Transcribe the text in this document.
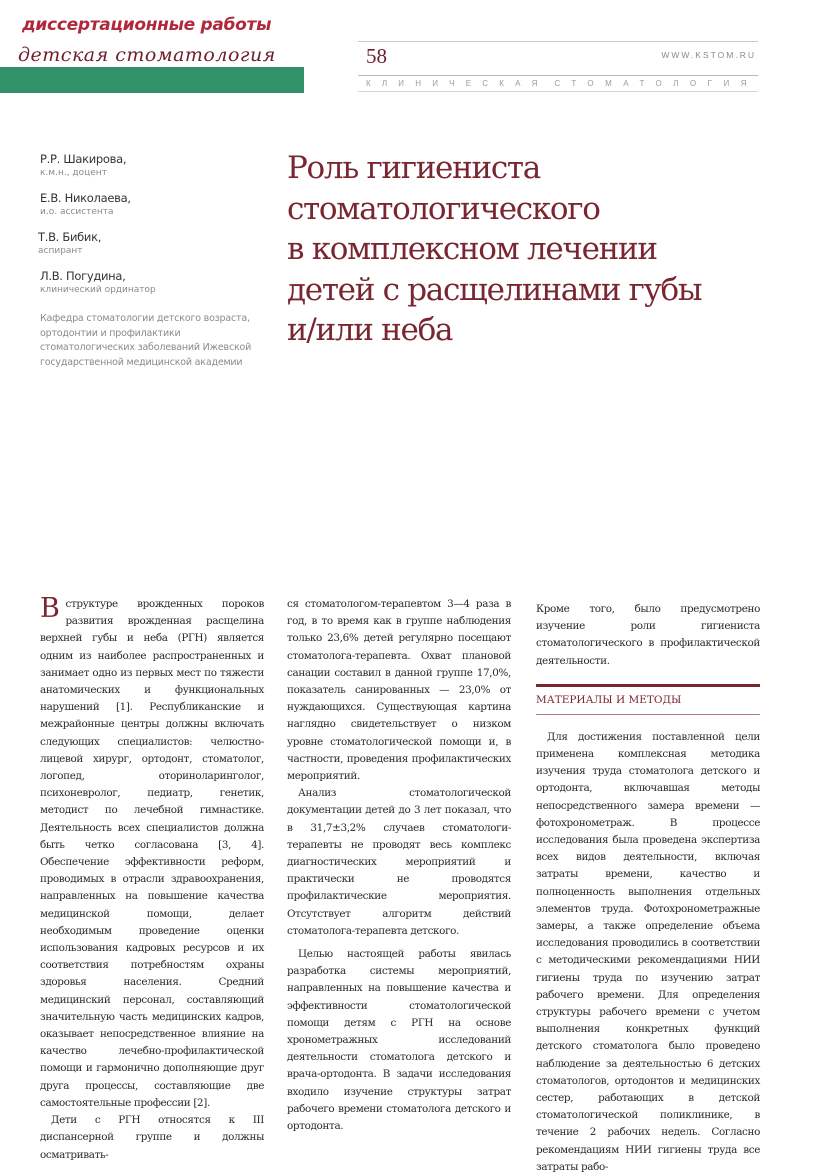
диссертационные работы
детская стоматология	58	WWW.KSTOM.RU
КЛИНИЧЕСКАЯ СТОМАТОЛОГИЯ
Р.Р. Шакирова,
к.м.н., доцент
Е.В. Николаева,
и.о. ассистента
Т.В. Бибик,
аспирант
Л.В. Погудина,
клинический ординатор
Кафедра стоматологии детского возраста, ортодонтии и профилактики стоматологических заболеваний Ижевской государственной медицинской академии
Роль гигиениста
стоматологического
в комплексном лечении
детей с расщелинами губы
и/или неба

В структуре врожденных пороков развития врожденная расщелина верхней губы и неба (РГН) является одним из наиболее распространенных и занимает одно из первых мест по тяжести анатомических и функциональных нарушений [1]. Республиканские и межрайонные центры должны включать следующих специалистов: челюстно-лицевой хирург, ортодонт, стоматолог, логопед, оториноларинголог, психоневролог, педиатр, генетик, методист по лечебной гимнастике. Деятельность всех специалистов должна быть четко согласована [3, 4]. Обеспечение эффективности реформ, проводимых в отрасли здравоохранения, направленных на повышение качества медицинской помощи, делает необходимым проведение оценки использования кадровых ресурсов и их соответствия потребностям охраны здоровья населения. Средний медицинский персонал, составляющий значительную часть медицинских кадров, оказывает непосредственное влияние на качество лечебно-профилактической помощи и гармонично дополняющие друг друга процессы, составляющие две самостоятельные профессии [2].

Дети с РГН относятся к III диспансерной группе и должны осматривать-

ся стоматологом-терапевтом 3—4 раза в год, в то время как в группе наблюдения только 23,6% детей регулярно посещают стоматолога-терапевта. Охват плановой санации составил в данной группе 17,0%, показатель санированных — 23,0% от нуждающихся. Существующая картина наглядно свидетельствует о низком уровне стоматологической помощи и, в частности, проведения профилактических мероприятий.

Анализ стоматологической документации детей до 3 лет показал, что в 31,7±3,2% случаев стоматологи-терапевты не проводят весь комплекс диагностических мероприятий и практически не проводятся профилактические мероприятия. Отсутствует алгоритм действий стоматолога-терапевта детского.

Целью настоящей работы явилась разработка системы мероприятий, направленных на повышение качества и эффективности стоматологической помощи детям с РГН на основе хронометражных исследований деятельности стоматолога детского и врача-ортодонта. В задачи исследования входило изучение структуры затрат рабочего времени стоматолога детского и ортодонта.

Кроме того, было предусмотрено изучение роли гигиениста стоматологического в профилактической деятельности.

МАТЕРИАЛЫ И МЕТОДЫ

Для достижения поставленной цели применена комплексная методика изучения труда стоматолога детского и ортодонта, включавшая методы непосредственного замера времени — фотохронометраж. В процессе исследования была проведена экспертиза всех видов деятельности, включая затраты времени, качество и полноценность выполнения отдельных элементов труда. Фотохронометражные замеры, а также определение объема исследования проводились в соответствии с методическими рекомендациями НИИ гигиены труда по изучению затрат рабочего времени. Для определения структуры рабочего времени с учетом выполнения конкретных функций детского стоматолога было проведено наблюдение за деятельностью 6 детских стоматологов, ортодонтов и медицинских сестер, работающих в детской стоматологической поликлинике, в течение 2 рабочих недель. Согласно рекомендациям НИИ гигиены труда все затраты рабо-
